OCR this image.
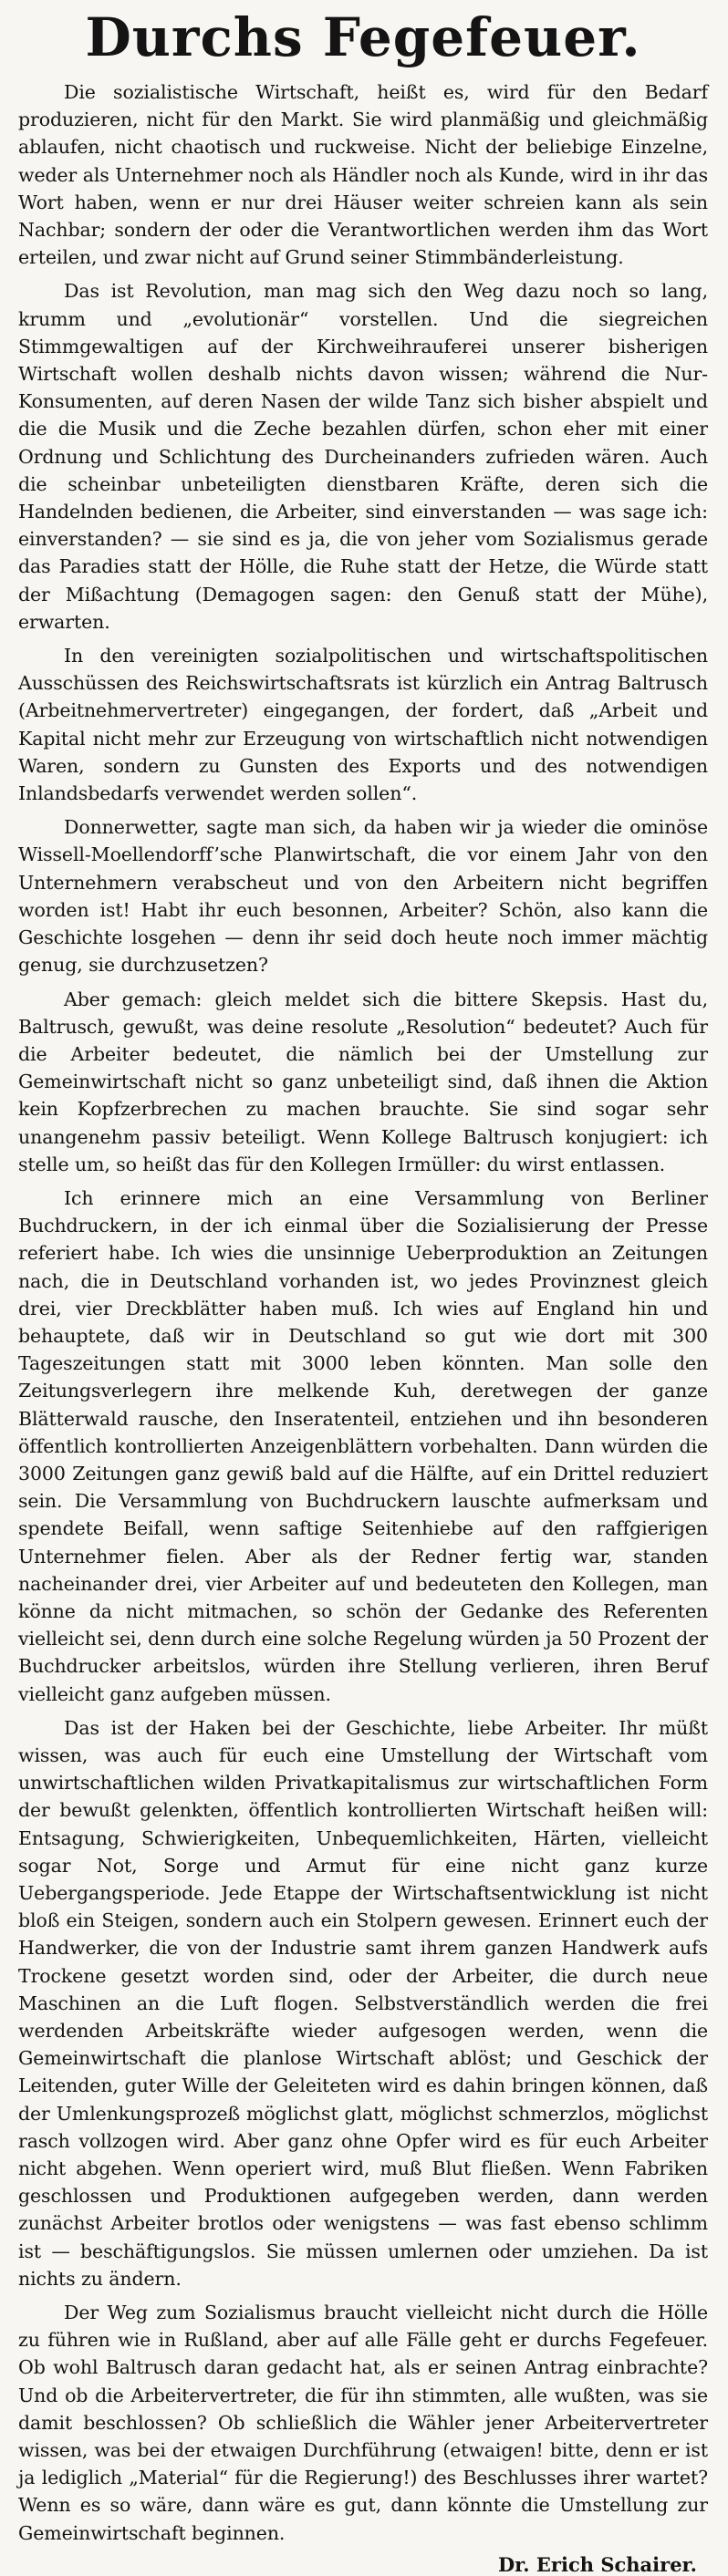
Durchs Fegefeuer.

Die sozialistische Wirtschaft, heißt es, wird für den Bedarf produzieren, nicht für den Markt. Sie wird planmäßig und gleichmäßig ablaufen, nicht chaotisch und ruckweise. Nicht der beliebige Einzelne, weder als Unternehmer noch als Händler noch als Kunde, wird in ihr das Wort haben, wenn er nur drei Häuser weiter schreien kann als sein Nachbar; sondern der oder die Verantwortlichen werden ihm das Wort erteilen, und zwar nicht auf Grund seiner Stimmbänderleistung.

Das ist Revolution, man mag sich den Weg dazu noch so lang, krumm und „evolutionär“ vorstellen. Und die siegreichen Stimmgewaltigen auf der Kirchweihrauferei unserer bisherigen Wirtschaft wollen deshalb nichts davon wissen; während die Nur-Konsumenten, auf deren Nasen der wilde Tanz sich bisher abspielt und die die Musik und die Zeche bezahlen dürfen, schon eher mit einer Ordnung und Schlichtung des Durcheinanders zufrieden wären. Auch die scheinbar unbeteiligten dienstbaren Kräfte, deren sich die Handelnden bedienen, die Arbeiter, sind einverstanden — was sage ich: einverstanden? — sie sind es ja, die von jeher vom Sozialismus gerade das Paradies statt der Hölle, die Ruhe statt der Hetze, die Würde statt der Mißachtung (Demagogen sagen: den Genuß statt der Mühe), erwarten.

In den vereinigten sozialpolitischen und wirtschaftspolitischen Ausschüssen des Reichswirtschaftsrats ist kürzlich ein Antrag Baltrusch (Arbeitnehmervertreter) eingegangen, der fordert, daß „Arbeit und Kapital nicht mehr zur Erzeugung von wirtschaftlich nicht notwendigen Waren, sondern zu Gunsten des Exports und des notwendigen Inlandsbedarfs verwendet werden sollen“.

Donnerwetter, sagte man sich, da haben wir ja wieder die ominöse Wissell-Moellendorff’sche Planwirtschaft, die vor einem Jahr von den Unternehmern verabscheut und von den Arbeitern nicht begriffen worden ist! Habt ihr euch besonnen, Arbeiter? Schön, also kann die Geschichte losgehen — denn ihr seid doch heute noch immer mächtig genug, sie durchzusetzen?

Aber gemach: gleich meldet sich die bittere Skepsis. Hast du, Baltrusch, gewußt, was deine resolute „Resolution“ bedeutet? Auch für die Arbeiter bedeutet, die nämlich bei der Umstellung zur Gemeinwirtschaft nicht so ganz unbeteiligt sind, daß ihnen die Aktion kein Kopfzerbrechen zu machen brauchte. Sie sind sogar sehr unangenehm passiv beteiligt. Wenn Kollege Baltrusch konjugiert: ich stelle um, so heißt das für den Kollegen Irmüller: du wirst entlassen.

Ich erinnere mich an eine Versammlung von Berliner Buchdruckern, in der ich einmal über die Sozialisierung der Presse referiert habe. Ich wies die unsinnige Ueberproduktion an Zeitungen nach, die in Deutschland vorhanden ist, wo jedes Provinznest gleich drei, vier Dreckblätter haben muß. Ich wies auf England hin und behauptete, daß wir in Deutschland so gut wie dort mit 300 Tageszeitungen statt mit 3000 leben könnten. Man solle den Zeitungsverlegern ihre melkende Kuh, deretwegen der ganze Blätterwald rausche, den Inseratenteil, entziehen und ihn besonderen öffentlich kontrollierten Anzeigenblättern vorbehalten. Dann würden die 3000 Zeitungen ganz gewiß bald auf die Hälfte, auf ein Drittel reduziert sein. Die Versammlung von Buchdruckern lauschte aufmerksam und spendete Beifall, wenn saftige Seitenhiebe auf den raffgierigen Unternehmer fielen. Aber als der Redner fertig war, standen nacheinander drei, vier Arbeiter auf und bedeuteten den Kollegen, man könne da nicht mitmachen, so schön der Gedanke des Referenten vielleicht sei, denn durch eine solche Regelung würden ja 50 Prozent der Buchdrucker arbeitslos, würden ihre Stellung verlieren, ihren Beruf vielleicht ganz aufgeben müssen.

Das ist der Haken bei der Geschichte, liebe Arbeiter. Ihr müßt wissen, was auch für euch eine Umstellung der Wirtschaft vom unwirtschaftlichen wilden Privatkapitalismus zur wirtschaftlichen Form der bewußt gelenkten, öffentlich kontrollierten Wirtschaft heißen will: Entsagung, Schwierigkeiten, Unbequemlichkeiten, Härten, vielleicht sogar Not, Sorge und Armut für eine nicht ganz kurze Uebergangsperiode. Jede Etappe der Wirtschaftsentwicklung ist nicht bloß ein Steigen, sondern auch ein Stolpern gewesen. Erinnert euch der Handwerker, die von der Industrie samt ihrem ganzen Handwerk aufs Trockene gesetzt worden sind, oder der Arbeiter, die durch neue Maschinen an die Luft flogen. Selbstverständlich werden die frei werdenden Arbeitskräfte wieder aufgesogen werden, wenn die Gemeinwirtschaft die planlose Wirtschaft ablöst; und Geschick der Leitenden, guter Wille der Geleiteten wird es dahin bringen können, daß der Umlenkungsprozeß möglichst glatt, möglichst schmerzlos, möglichst rasch vollzogen wird. Aber ganz ohne Opfer wird es für euch Arbeiter nicht abgehen. Wenn operiert wird, muß Blut fließen. Wenn Fabriken geschlossen und Produktionen aufgegeben werden, dann werden zunächst Arbeiter brotlos oder wenigstens — was fast ebenso schlimm ist — beschäftigungslos. Sie müssen umlernen oder umziehen. Da ist nichts zu ändern.

Der Weg zum Sozialismus braucht vielleicht nicht durch die Hölle zu führen wie in Rußland, aber auf alle Fälle geht er durchs Fegefeuer. Ob wohl Baltrusch daran gedacht hat, als er seinen Antrag einbrachte? Und ob die Arbeitervertreter, die für ihn stimmten, alle wußten, was sie damit beschlossen? Ob schließlich die Wähler jener Arbeitervertreter wissen, was bei der etwaigen Durchführung (etwaigen! bitte, denn er ist ja lediglich „Material“ für die Regierung!) des Beschlusses ihrer wartet? Wenn es so wäre, dann wäre es gut, dann könnte die Umstellung zur Gemeinwirtschaft beginnen.

Dr. Erich Schairer.
